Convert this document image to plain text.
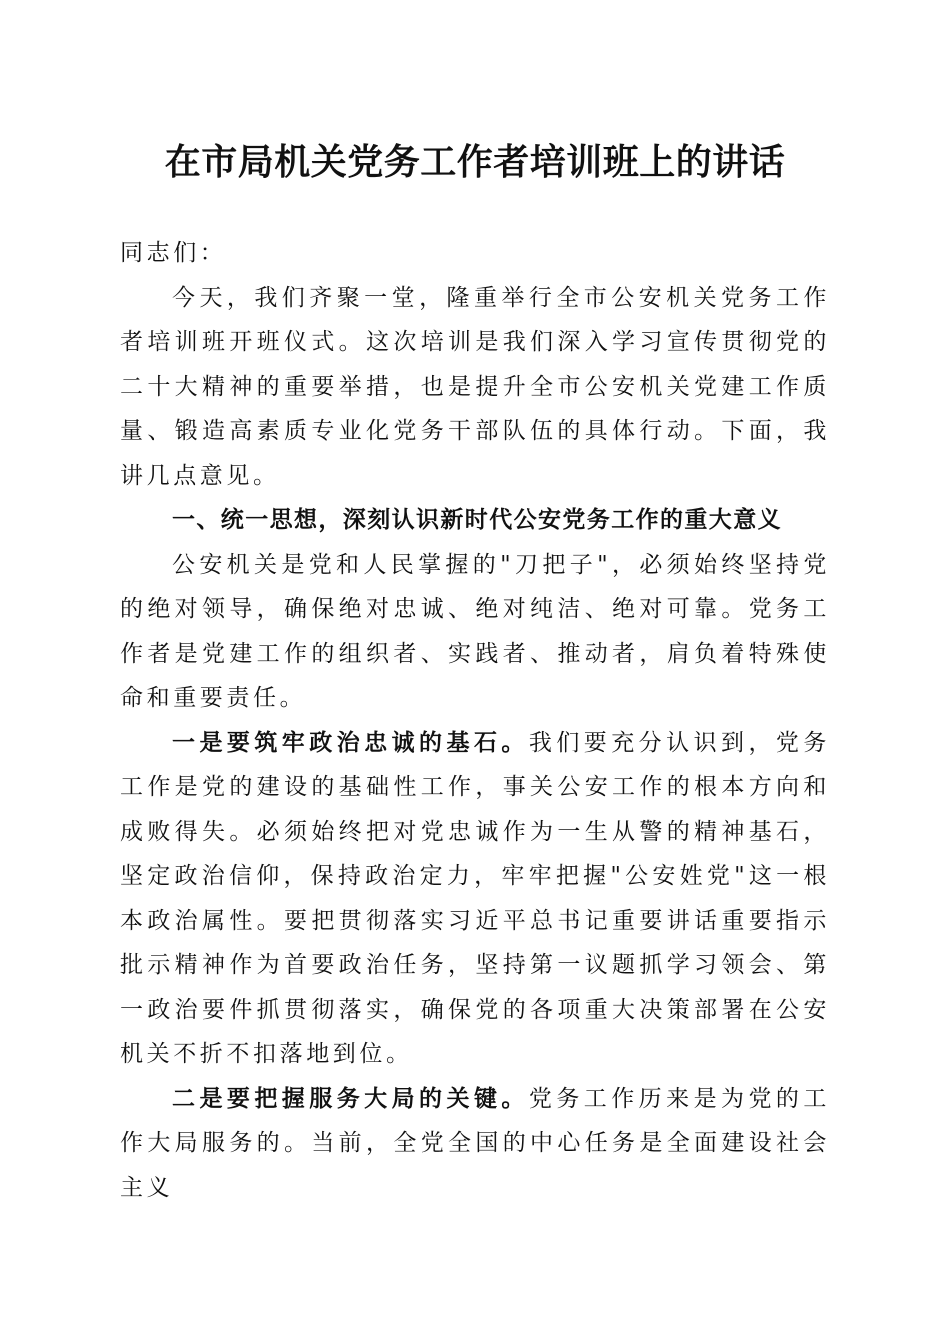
在市局机关党务工作者培训班上的讲话

同志们：

今天，我们齐聚一堂，隆重举行全市公安机关党务工作者培训班开班仪式。这次培训是我们深入学习宣传贯彻党的二十大精神的重要举措，也是提升全市公安机关党建工作质量、锻造高素质专业化党务干部队伍的具体行动。下面，我讲几点意见。

一、统一思想，深刻认识新时代公安党务工作的重大意义

公安机关是党和人民掌握的"刀把子"，必须始终坚持党的绝对领导，确保绝对忠诚、绝对纯洁、绝对可靠。党务工作者是党建工作的组织者、实践者、推动者，肩负着特殊使命和重要责任。

一是要筑牢政治忠诚的基石。我们要充分认识到，党务工作是党的建设的基础性工作，事关公安工作的根本方向和成败得失。必须始终把对党忠诚作为一生从警的精神基石，坚定政治信仰，保持政治定力，牢牢把握"公安姓党"这一根本政治属性。要把贯彻落实习近平总书记重要讲话重要指示批示精神作为首要政治任务，坚持第一议题抓学习领会、第一政治要件抓贯彻落实，确保党的各项重大决策部署在公安机关不折不扣落地到位。

二是要把握服务大局的关键。党务工作历来是为党的工作大局服务的。当前，全党全国的中心任务是全面建设社会主义
